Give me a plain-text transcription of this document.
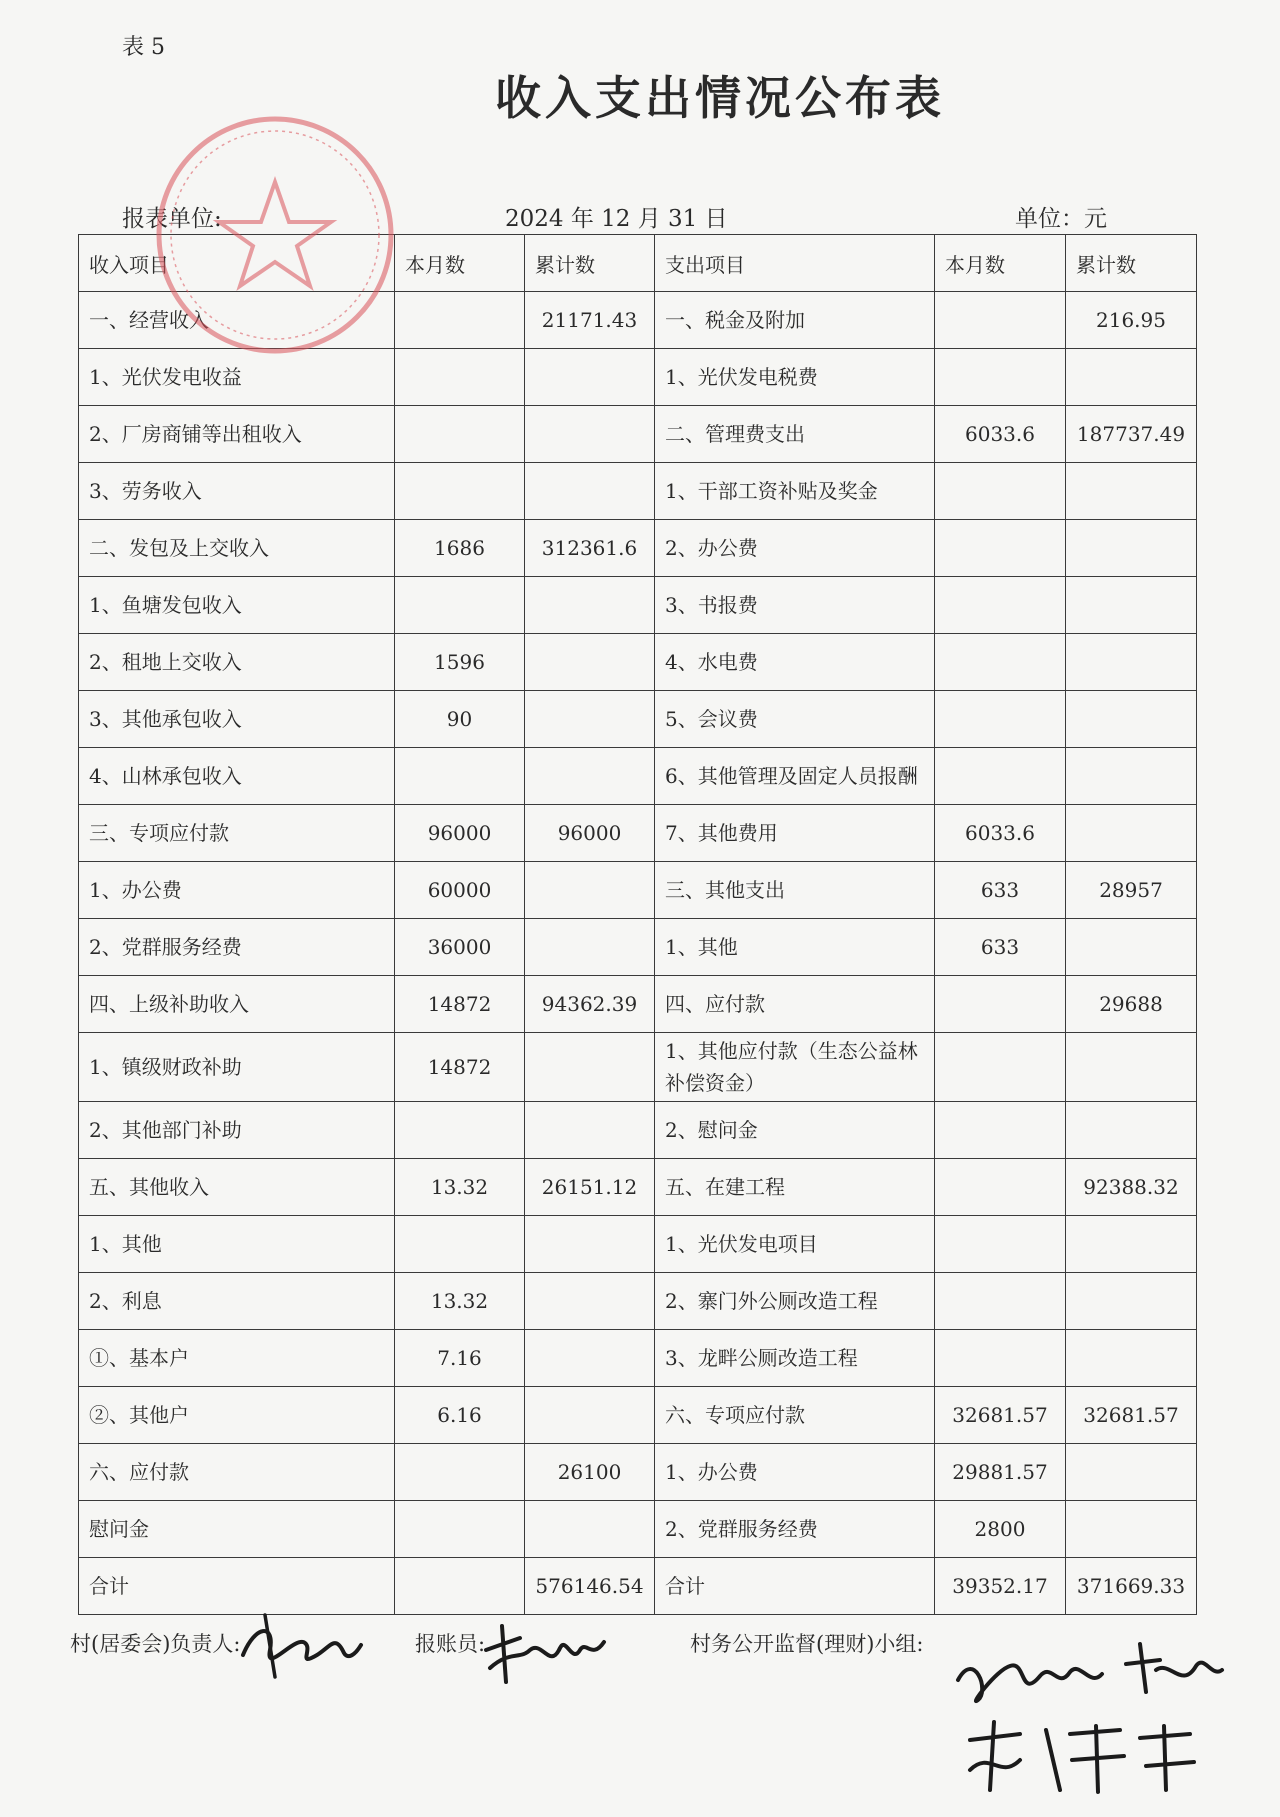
表 5
收入支出情况公布表
报表单位:	2024 年 12 月 31 日	单位：元
收入项目	本月数	累计数	支出项目	本月数	累计数
一、经营收入		21171.43	一、税金及附加		216.95
1、光伏发电收益			1、光伏发电税费		
2、厂房商铺等出租收入			二、管理费支出	6033.6	187737.49
3、劳务收入			1、干部工资补贴及奖金		
二、发包及上交收入	1686	312361.6	2、办公费		
1、鱼塘发包收入			3、书报费		
2、租地上交收入	1596		4、水电费		
3、其他承包收入	90		5、会议费		
4、山林承包收入			6、其他管理及固定人员报酬		
三、专项应付款	96000	96000	7、其他费用	6033.6	
1、办公费	60000		三、其他支出	633	28957
2、党群服务经费	36000		1、其他	633	
四、上级补助收入	14872	94362.39	四、应付款		29688
1、镇级财政补助	14872		1、其他应付款（生态公益林补偿资金）		
2、其他部门补助			2、慰问金		
五、其他收入	13.32	26151.12	五、在建工程		92388.32
1、其他			1、光伏发电项目		
2、利息	13.32		2、寨门外公厕改造工程		
①、基本户	7.16		3、龙畔公厕改造工程		
②、其他户	6.16		六、专项应付款	32681.57	32681.57
六、应付款		26100	1、办公费	29881.57	
慰问金			2、党群服务经费	2800	
合计		576146.54	合计	39352.17	371669.33
村(居委会)负责人:	报账员:	村务公开监督(理财)小组:
